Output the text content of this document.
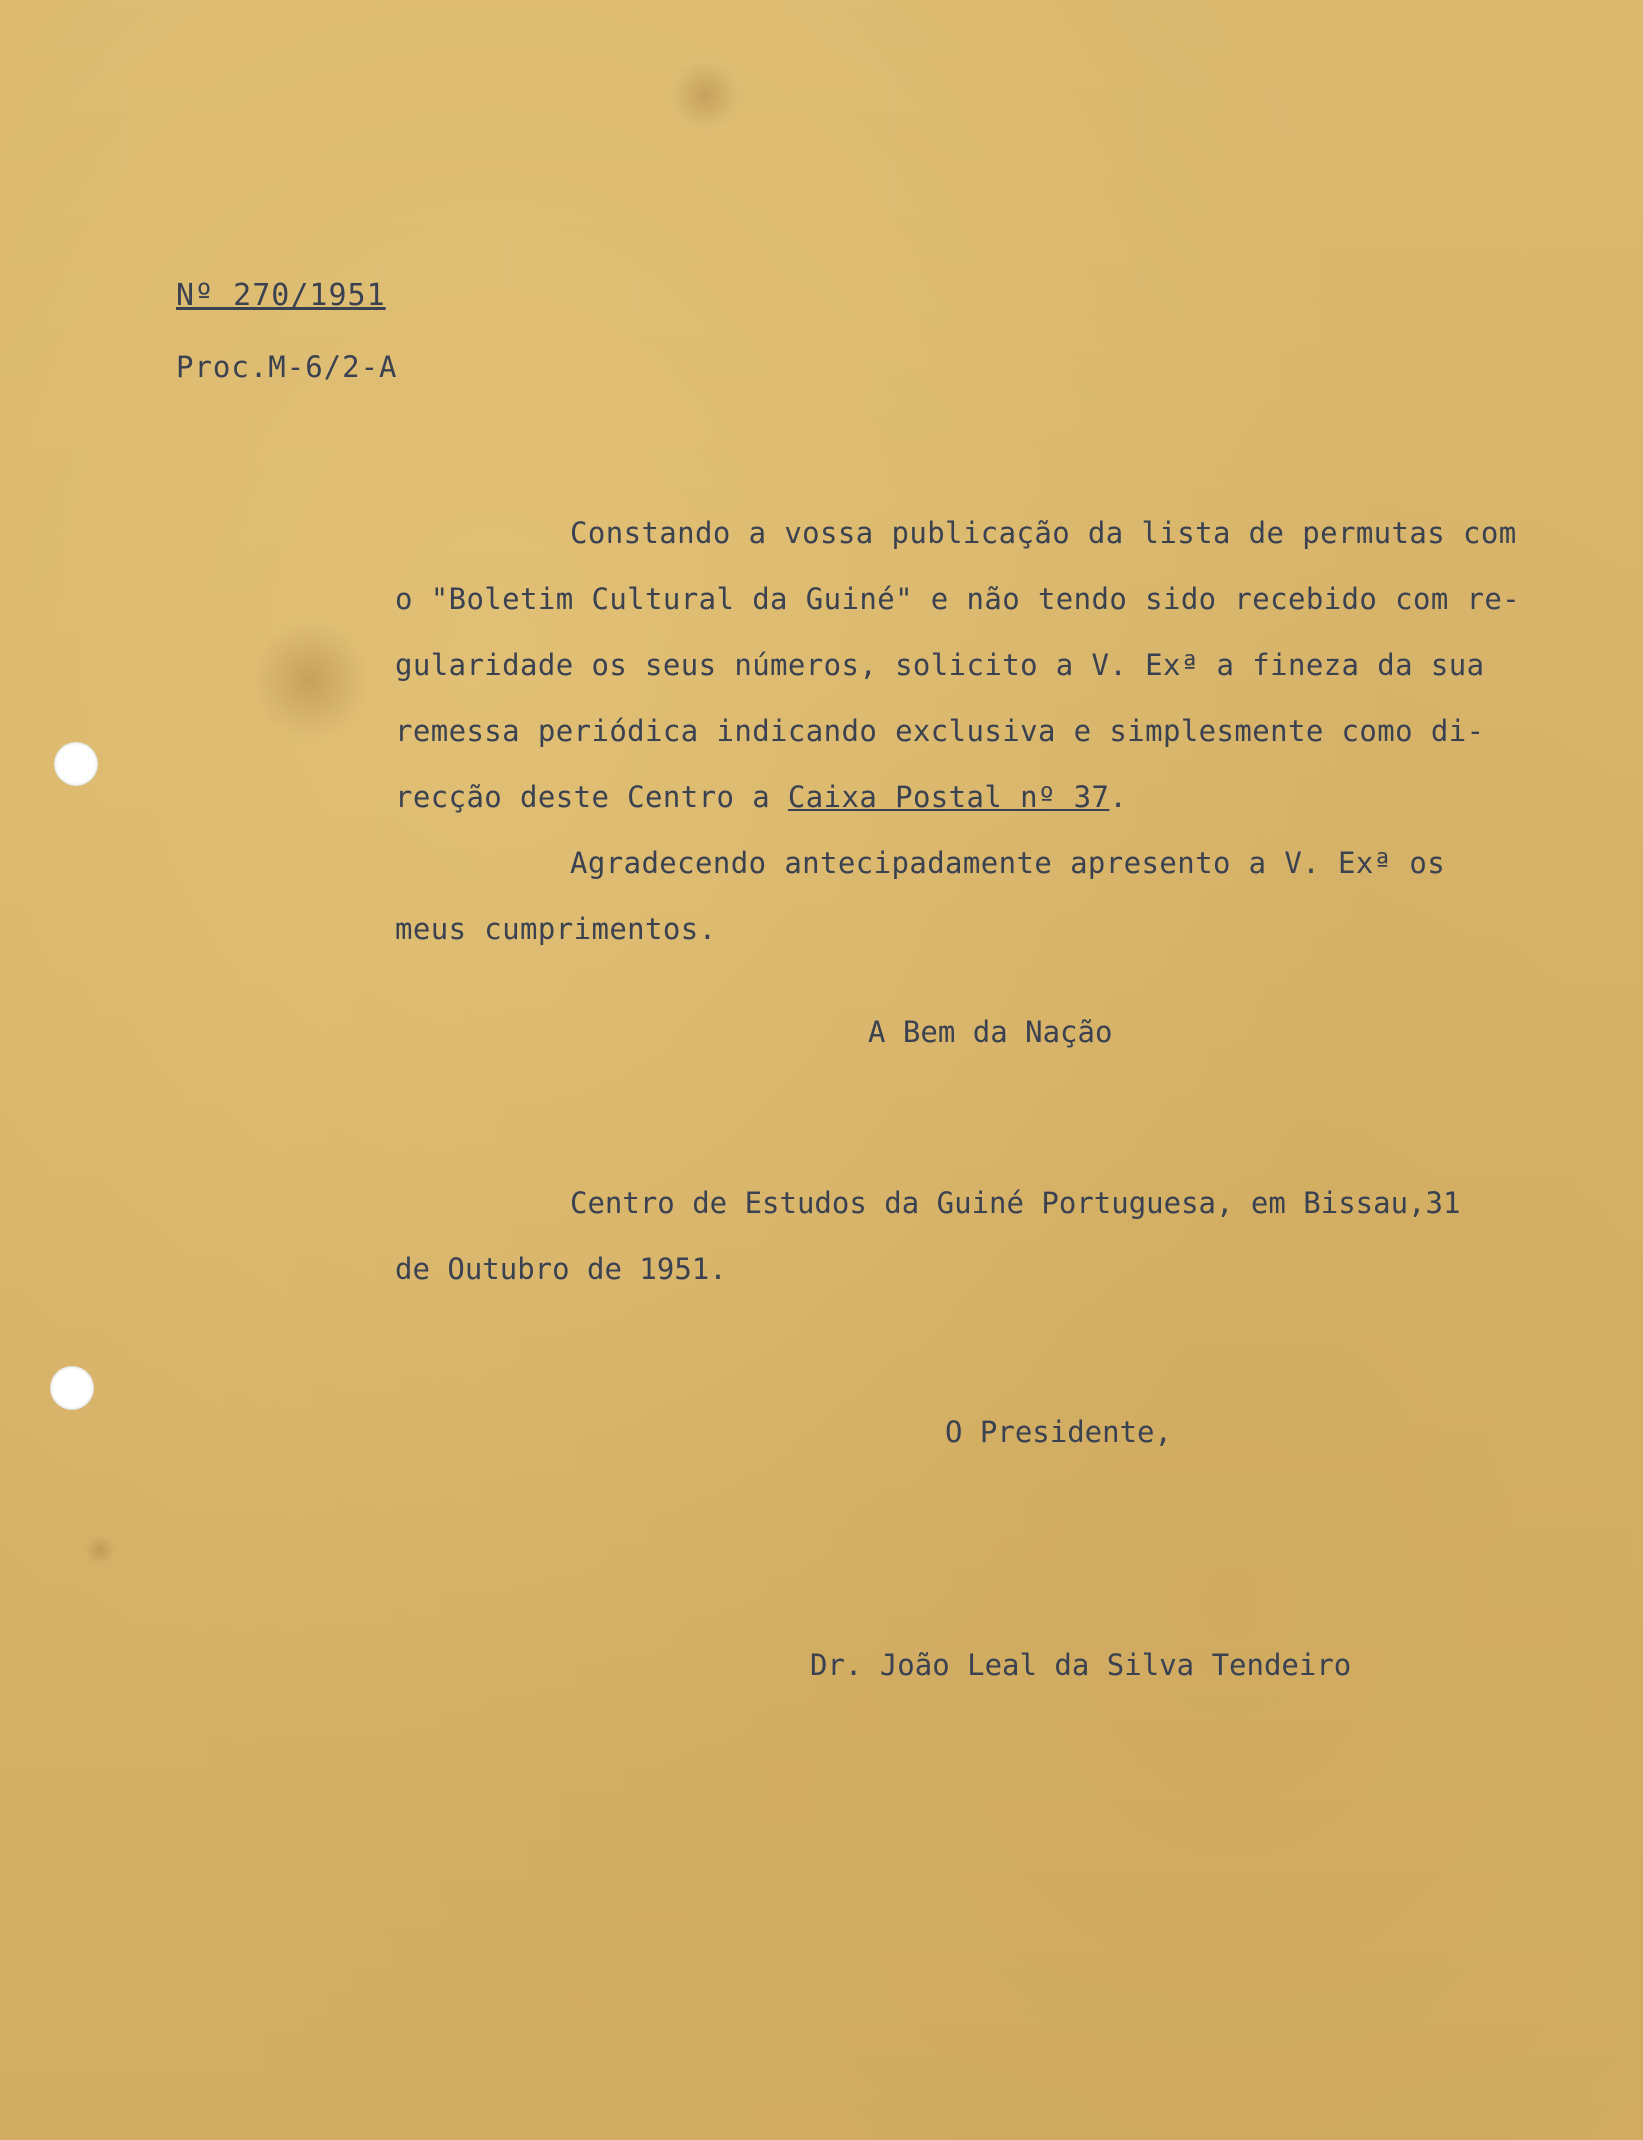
Nº 270/1951
Proc.M-6/2-A
Constando a vossa publicação da lista de permutas com
o "Boletim Cultural da Guiné" e não tendo sido recebido com re-
gularidade os seus números, solicito a V. Exª a fineza da sua
remessa periódica indicando exclusiva e simplesmente como di-
recção deste Centro a Caixa Postal nº 37.
Agradecendo antecipadamente apresento a V. Exª os
meus cumprimentos.
A Bem da Nação
Centro de Estudos da Guiné Portuguesa, em Bissau,31
de Outubro de 1951.
O Presidente,
Dr. João Leal da Silva Tendeiro
